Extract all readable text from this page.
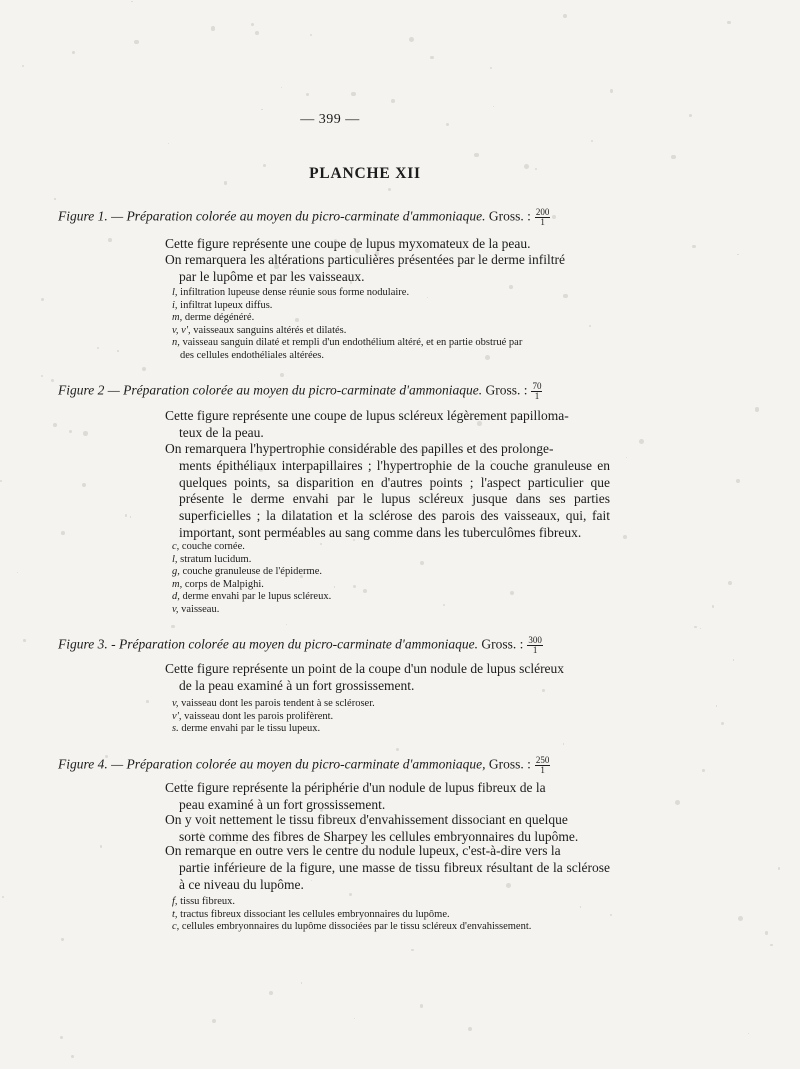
— 399 —
PLANCHE XII
Figure 1. — Préparation colorée au moyen du picro-carminate d'ammoniaque. Gross. : $\frac{200}{1}$
Cette figure représente une coupe de lupus myxomateux de la peau.
On remarquera les altérations particulières présentées par le derme infiltré
par le lupôme et par les vaisseaux.
l, infiltration lupeuse dense réunie sous forme nodulaire.
i, infiltrat lupeux diffus.
m, derme dégénéré.
v, v', vaisseaux sanguins altérés et dilatés.
n, vaisseau sanguin dilaté et rempli d'un endothélium altéré, et en partie obstrué par
des cellules endothéliales altérées.
Figure 2 — Préparation colorée au moyen du picro-carminate d'ammoniaque. Gross. : $\frac{70}{1}$
Cette figure représente une coupe de lupus scléreux légèrement papilloma-
teux de la peau.
On remarquera l'hypertrophie considérable des papilles et des prolonge-
ments épithéliaux interpapillaires ; l'hypertrophie de la couche granuleuse en quelques points, sa disparition en d'autres points ; l'aspect particulier que présente le derme envahi par le lupus scléreux jusque dans ses parties superficielles ; la dilatation et la sclérose des parois des vaisseaux, qui, fait important, sont perméables au sang comme dans les tuberculômes fibreux.
c, couche cornée.
l, stratum lucidum.
g, couche granuleuse de l'épiderme.
m, corps de Malpighi.
d, derme envahi par le lupus scléreux.
v, vaisseau.
Figure 3. - Préparation colorée au moyen du picro-carminate d'ammoniaque. Gross. : $\frac{300}{1}$
Cette figure représente un point de la coupe d'un nodule de lupus scléreux
de la peau examiné à un fort grossissement.
v, vaisseau dont les parois tendent à se scléroser.
v', vaisseau dont les parois prolifèrent.
s. derme envahi par le tissu lupeux.
Figure 4. — Préparation colorée au moyen du picro-carminate d'ammoniaque, Gross. : $\frac{250}{1}$
Cette figure représente la périphérie d'un nodule de lupus fibreux de la
peau examiné à un fort grossissement.
On y voit nettement le tissu fibreux d'envahissement dissociant en quelque
sorte comme des fibres de Sharpey les cellules embryonnaires du lupôme.
On remarque en outre vers le centre du nodule lupeux, c'est-à-dire vers la
partie inférieure de la figure, une masse de tissu fibreux résultant de la sclérose à ce niveau du lupôme.
f, tissu fibreux.
t, tractus fibreux dissociant les cellules embryonnaires du lupôme.
c, cellules embryonnaires du lupôme dissociées par le tissu scléreux d'envahissement.
